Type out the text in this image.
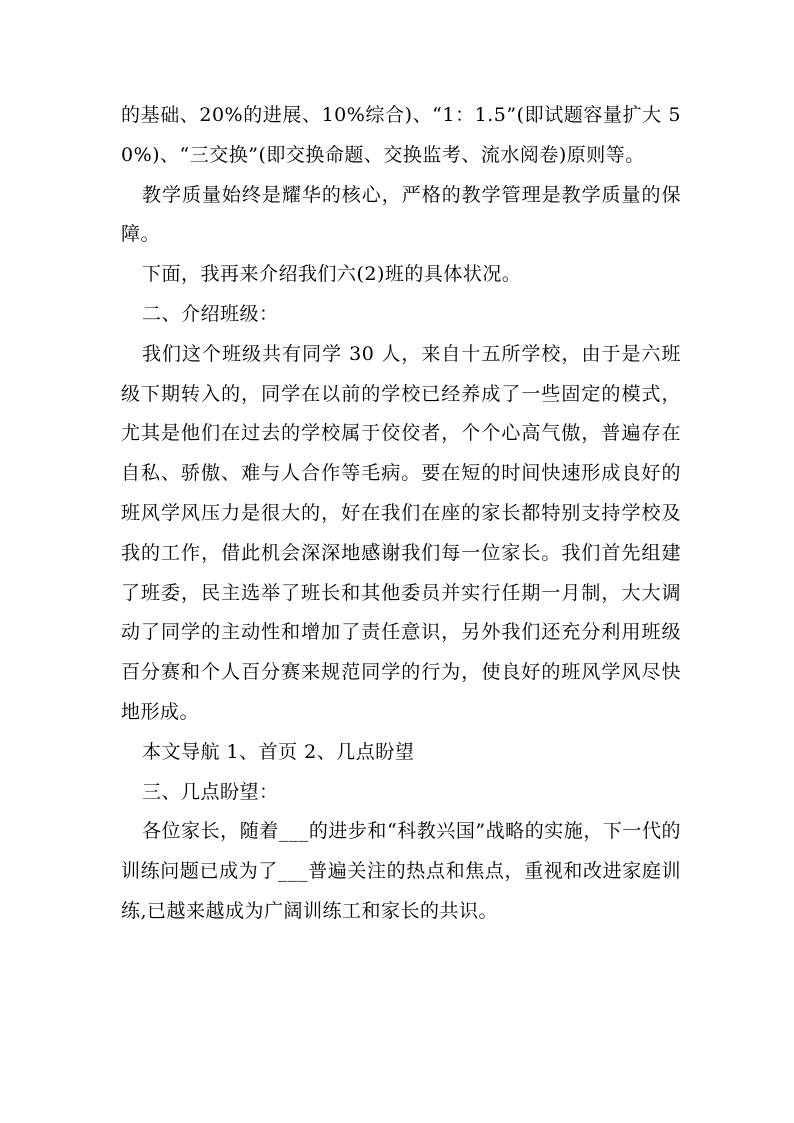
的基础、20%的进展、10%综合)、“1：1.5”(即试题容量扩大 50%)、“三交换”(即交换命题、交换监考、流水阅卷)原则等。

教学质量始终是耀华的核心，严格的教学管理是教学质量的保障。

下面，我再来介绍我们六(2)班的具体状况。

二、介绍班级：

我们这个班级共有同学 30 人，来自十五所学校，由于是六班级下期转入的，同学在以前的学校已经养成了一些固定的模式，尤其是他们在过去的学校属于佼佼者，个个心高气傲，普遍存在自私、骄傲、难与人合作等毛病。要在短的时间快速形成良好的班风学风压力是很大的，好在我们在座的家长都特别支持学校及我的工作，借此机会深深地感谢我们每一位家长。我们首先组建了班委，民主选举了班长和其他委员并实行任期一月制，大大调动了同学的主动性和增加了责任意识，另外我们还充分利用班级百分赛和个人百分赛来规范同学的行为，使良好的班风学风尽快地形成。

本文导航 1、首页 2、几点盼望

三、几点盼望：

各位家长，随着___的进步和“科教兴国”战略的实施，下一代的训练问题已成为了___普遍关注的热点和焦点，重视和改进家庭训练,已越来越成为广阔训练工和家长的共识。
